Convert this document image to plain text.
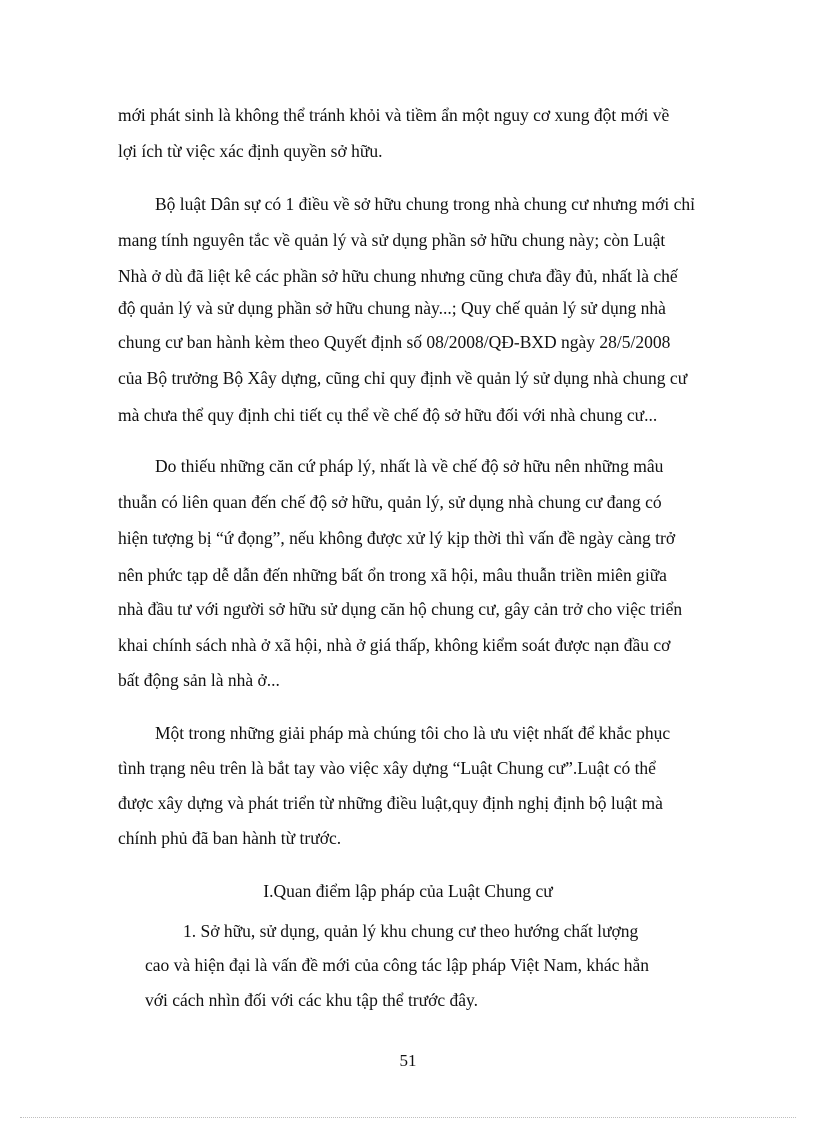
mới phát sinh là không thể tránh khỏi và tiềm ẩn một nguy cơ xung đột mới về
lợi ích từ việc xác định quyền sở hữu.
Bộ luật Dân sự có 1 điều về sở hữu chung trong nhà chung cư nhưng mới chỉ
mang tính nguyên tắc về quản lý và sử dụng phần sở hữu chung này; còn Luật
Nhà ở dù đã liệt kê các phần sở hữu chung nhưng cũng chưa đầy đủ, nhất là chế
độ quản lý và sử dụng phần sở hữu chung này...; Quy chế quản lý sử dụng nhà
chung cư ban hành kèm theo Quyết định số 08/2008/QĐ-BXD ngày 28/5/2008
của Bộ trưởng Bộ Xây dựng, cũng chỉ quy định về quản lý sử dụng nhà chung cư
mà chưa thể quy định chi tiết cụ thể về chế độ sở hữu đối với nhà chung cư...
Do thiếu những căn cứ pháp lý, nhất là về chế độ sở hữu nên những mâu
thuẫn có liên quan đến chế độ sở hữu, quản lý, sử dụng nhà chung cư đang có
hiện tượng bị “ứ đọng”, nếu không được xử lý kịp thời thì vấn đề ngày càng trở
nên phức tạp dễ dẫn đến những bất ổn trong xã hội, mâu thuẫn triền miên giữa
nhà đầu tư với người sở hữu sử dụng căn hộ chung cư, gây cản trở cho việc triển
khai chính sách nhà ở xã hội, nhà ở giá thấp, không kiểm soát được nạn đầu cơ
bất động sản là nhà ở...
Một trong những giải pháp mà chúng tôi cho là ưu việt nhất để khắc phục
tình trạng nêu trên là bắt tay vào việc xây dựng “Luật Chung cư”.Luật có thể
được xây dựng và phát triển từ những điều luật,quy định nghị định bộ luật mà
chính phủ đã ban hành từ trước.
I.Quan điểm lập pháp của Luật Chung cư
1. Sở hữu, sử dụng, quản lý khu chung cư theo hướng chất lượng
cao và hiện đại là vấn đề mới của công tác lập pháp Việt Nam, khác hẳn
với cách nhìn đối với các khu tập thể trước đây.
51
